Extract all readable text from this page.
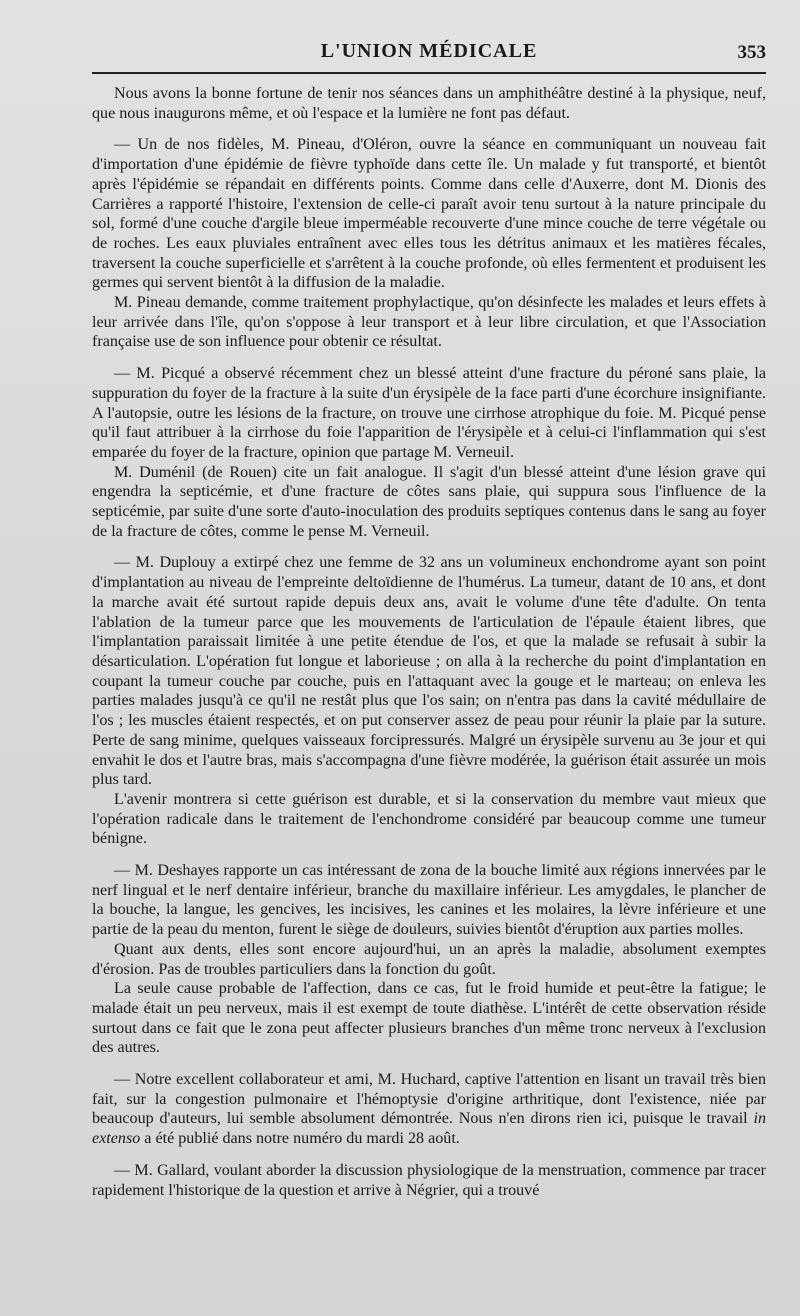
L'UNION MÉDICALE	353

Nous avons la bonne fortune de tenir nos séances dans un amphithéâtre destiné à la physique, neuf, que nous inaugurons même, et où l'espace et la lumière ne font pas défaut.

— Un de nos fidèles, M. Pineau, d'Oléron, ouvre la séance en communiquant un nouveau fait d'importation d'une épidémie de fièvre typhoïde dans cette île. Un malade y fut transporté, et bientôt après l'épidémie se répandait en différents points. Comme dans celle d'Auxerre, dont M. Dionis des Carrières a rapporté l'histoire, l'extension de celle-ci paraît avoir tenu surtout à la nature principale du sol, formé d'une couche d'argile bleue imperméable recouverte d'une mince couche de terre végétale ou de roches. Les eaux pluviales entraînent avec elles tous les détritus animaux et les matières fécales, traversent la couche superficielle et s'arrêtent à la couche profonde, où elles fermentent et produisent les germes qui servent bientôt à la diffusion de la maladie.

M. Pineau demande, comme traitement prophylactique, qu'on désinfecte les malades et leurs effets à leur arrivée dans l'île, qu'on s'oppose à leur transport et à leur libre circulation, et que l'Association française use de son influence pour obtenir ce résultat.

— M. Picqué a observé récemment chez un blessé atteint d'une fracture du péroné sans plaie, la suppuration du foyer de la fracture à la suite d'un érysipèle de la face parti d'une écorchure insignifiante. A l'autopsie, outre les lésions de la fracture, on trouve une cirrhose atrophique du foie. M. Picqué pense qu'il faut attribuer à la cirrhose du foie l'apparition de l'érysipèle et à celui-ci l'inflammation qui s'est emparée du foyer de la fracture, opinion que partage M. Verneuil.

M. Duménil (de Rouen) cite un fait analogue. Il s'agit d'un blessé atteint d'une lésion grave qui engendra la septicémie, et d'une fracture de côtes sans plaie, qui suppura sous l'influence de la septicémie, par suite d'une sorte d'auto-inoculation des produits septiques contenus dans le sang au foyer de la fracture de côtes, comme le pense M. Verneuil.

— M. Duplouy a extirpé chez une femme de 32 ans un volumineux enchondrome ayant son point d'implantation au niveau de l'empreinte deltoïdienne de l'humérus. La tumeur, datant de 10 ans, et dont la marche avait été surtout rapide depuis deux ans, avait le volume d'une tête d'adulte. On tenta l'ablation de la tumeur parce que les mouvements de l'articulation de l'épaule étaient libres, que l'implantation paraissait limitée à une petite étendue de l'os, et que la malade se refusait à subir la désarticulation. L'opération fut longue et laborieuse ; on alla à la recherche du point d'implantation en coupant la tumeur couche par couche, puis en l'attaquant avec la gouge et le marteau; on enleva les parties malades jusqu'à ce qu'il ne restât plus que l'os sain; on n'entra pas dans la cavité médullaire de l'os ; les muscles étaient respectés, et on put conserver assez de peau pour réunir la plaie par la suture. Perte de sang minime, quelques vaisseaux forcipressurés. Malgré un érysipèle survenu au 3e jour et qui envahit le dos et l'autre bras, mais s'accompagna d'une fièvre modérée, la guérison était assurée un mois plus tard.

L'avenir montrera si cette guérison est durable, et si la conservation du membre vaut mieux que l'opération radicale dans le traitement de l'enchondrome considéré par beaucoup comme une tumeur bénigne.

— M. Deshayes rapporte un cas intéressant de zona de la bouche limité aux régions innervées par le nerf lingual et le nerf dentaire inférieur, branche du maxillaire inférieur. Les amygdales, le plancher de la bouche, la langue, les gencives, les incisives, les canines et les molaires, la lèvre inférieure et une partie de la peau du menton, furent le siège de douleurs, suivies bientôt d'éruption aux parties molles.

Quant aux dents, elles sont encore aujourd'hui, un an après la maladie, absolument exemptes d'érosion. Pas de troubles particuliers dans la fonction du goût.

La seule cause probable de l'affection, dans ce cas, fut le froid humide et peut-être la fatigue; le malade était un peu nerveux, mais il est exempt de toute diathèse. L'intérêt de cette observation réside surtout dans ce fait que le zona peut affecter plusieurs branches d'un même tronc nerveux à l'exclusion des autres.

— Notre excellent collaborateur et ami, M. Huchard, captive l'attention en lisant un travail très bien fait, sur la congestion pulmonaire et l'hémoptysie d'origine arthritique, dont l'existence, niée par beaucoup d'auteurs, lui semble absolument démontrée. Nous n'en dirons rien ici, puisque le travail in extenso a été publié dans notre numéro du mardi 28 août.

— M. Gallard, voulant aborder la discussion physiologique de la menstruation, commence par tracer rapidement l'historique de la question et arrive à Négrier, qui a trouvé
